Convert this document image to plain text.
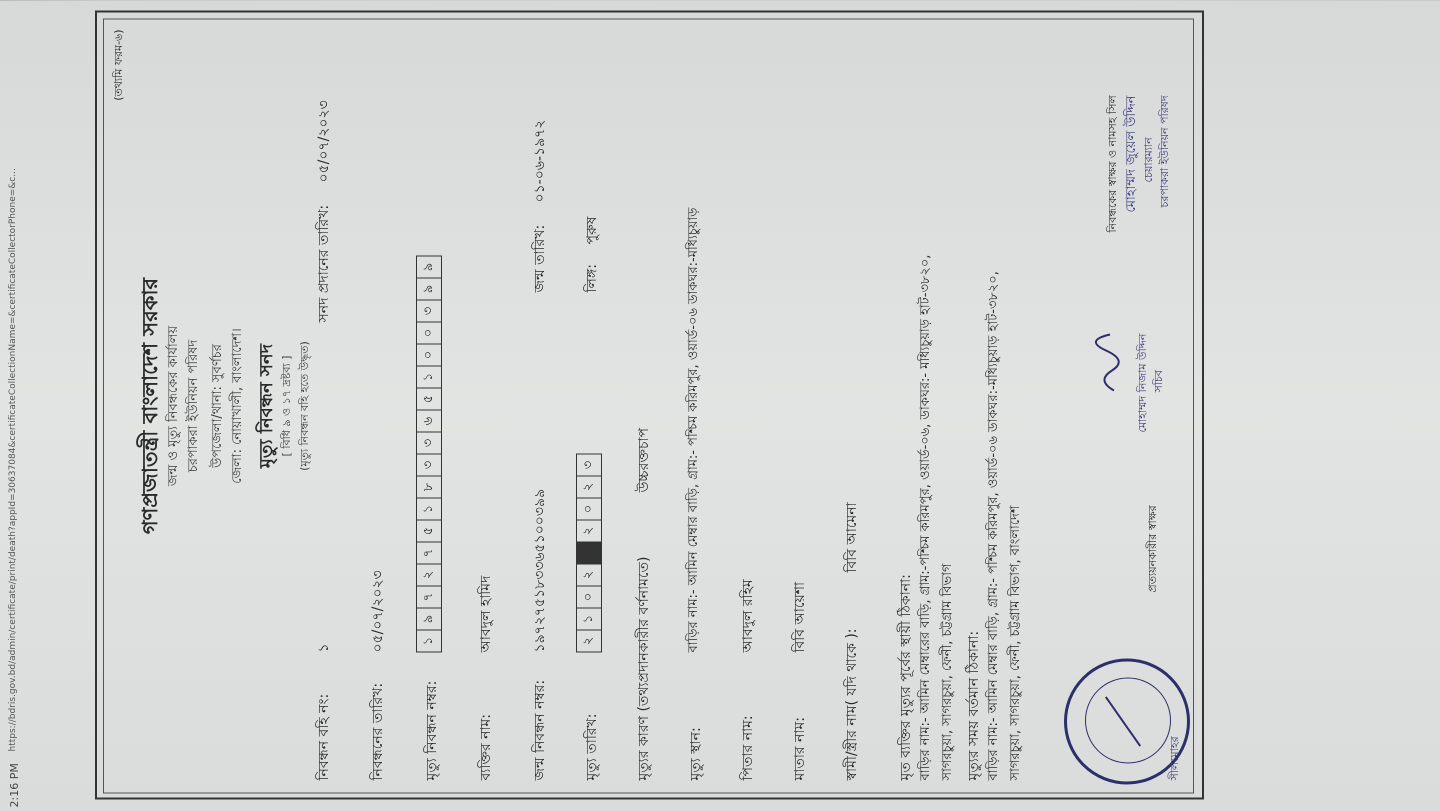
2:16 PM
https://bdris.gov.bd/admin/certificate/print/death?appId=30637084&certificateCollectionName=&certificateCollectorPhone=&c...
(তথ্যমি ফরম-৬)
গণপ্রজাতন্ত্রী বাংলাদেশ সরকার জন্ম ও মৃত্যু নিবন্ধকের কার্যালয় চরপাকরা ইউনিয়ন পরিষদ উপজেলা/থানা: সুবর্ণচর জেলা: নোয়াখালী, বাংলাদেশ। মৃত্যু নিবন্ধন সনদ [ বিধি ৯ ও ১৭ দ্রষ্টব্য ] (মৃত্যু নিবন্ধন বহি হতে উদ্ধৃত)
নিবন্ধন বহি নং:
১
সনদ প্রদানের তারিখ:
০৫/০৭/২০২৩
নিবন্ধনের তারিখ:
০৫/০৭/২০২৩
মৃত্যু নিবন্ধন নম্বর:
১
৯
৭
২
৭
৫
১
৮
৩
৩
৬
৫
১
০
০
৩
৯
৯
ব্যক্তির নাম:
আবদুল হামিদ
জন্ম নিবন্ধন নম্বর:
১৯৭২৭৫১৮৩৩৬৫১০০৩৯৯
জন্ম তারিখ:
০১-০৬-১৯৭২
মৃত্যু তারিখ:
২
১
০
২
২
০
২
৩
লিঙ্গ:
পুরুষ
মৃত্যুর কারণ (তথ্যপ্রদানকারীর বর্ণনামতে)
উচ্চরক্তচাপ
মৃত্যু স্থান:
বাড়ির নাম:- আমিন মেম্বার বাড়ি, গ্রাম:- পশ্চিম করিমপুর, ওয়ার্ড-০৬ ডাকঘর:-মধ্যিচুয়াড়
পিতার নাম:
আবদুল রহিম
মাতার নাম:
বিবি আয়েশা
স্বামী/স্ত্রীর নাম( যদি থাকে ):
বিবি আমেনা
মৃত ব্যক্তির মৃত্যুর পূর্বের স্থায়ী ঠিকানা: বাড়ির নাম:- আমিন মেম্বারের বাড়ি, গ্রাম:-পশ্চিম করিমপুর, ওয়ার্ড-০৬, ডাকঘর:- মধ্যিচুয়াড় হাট-৩৮২০, সাগরচুয়া, সাগরচুয়া, ফেনী, চট্টগ্রাম বিভাগ মৃত্যুর সময় বর্তমান ঠিকানা: বাড়ির নাম:- আমিন মেম্বার বাড়ি, গ্রাম:- পশ্চিম করিমপুর, ওয়ার্ড-০৬ ডাকঘর:-মধ্যিচুয়াড় হাট-৩৮২০, সাগরচুয়া, সাগরচুয়া, ফেনী, চট্টগ্রাম বিভাগ, বাংলাদেশ	সীলমোহর
প্রত্যয়নকারীর স্বাক্ষর
মোহাম্মদ নিজাম উদ্দিন সচিব
নিবন্ধকের স্বাক্ষর ও নামসহ সিল মোহাম্মদ জুয়েল উদ্দিন চেয়ারম্যান চরপাকরা ইউনিয়ন পরিষদ
